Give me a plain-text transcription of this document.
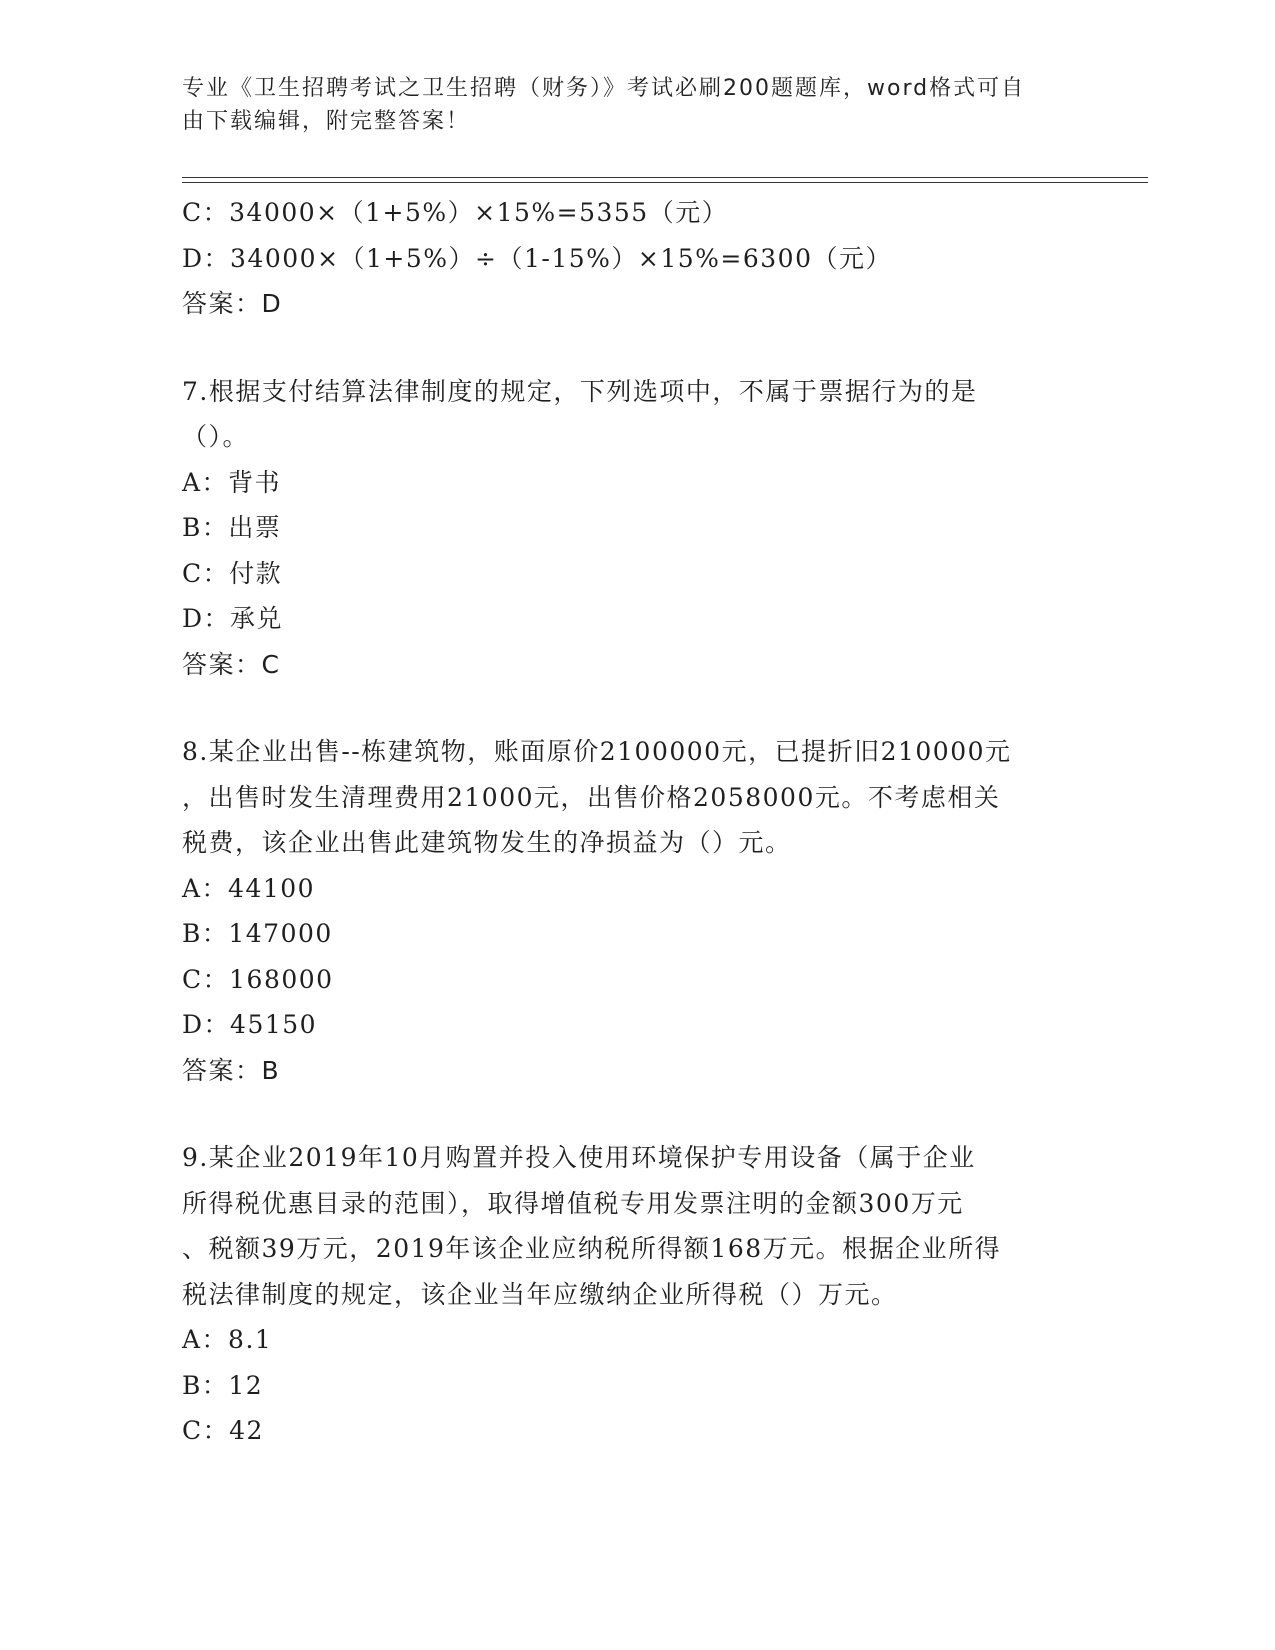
专业《卫生招聘考试之卫生招聘（财务）》考试必刷200题题库，word格式可自
由下载编辑，附完整答案！
C：34000×（1+5%）×15%=5355（元）
D：34000×（1+5%）÷（1-15%）×15%=6300（元）
答案：D
7.根据支付结算法律制度的规定，下列选项中，不属于票据行为的是
（）。
A：背书
B：出票
C：付款
D：承兑
答案：C
8.某企业出售--栋建筑物，账面原价2100000元，已提折旧210000元
，出售时发生清理费用21000元，出售价格2058000元。不考虑相关
税费，该企业出售此建筑物发生的净损益为（）元。
A：44100
B：147000
C：168000
D：45150
答案：B
9.某企业2019年10月购置并投入使用环境保护专用设备（属于企业
所得税优惠目录的范围），取得增值税专用发票注明的金额300万元
、税额39万元，2019年该企业应纳税所得额168万元。根据企业所得
税法律制度的规定，该企业当年应缴纳企业所得税（）万元。
A：8.1
B：12
C：42
